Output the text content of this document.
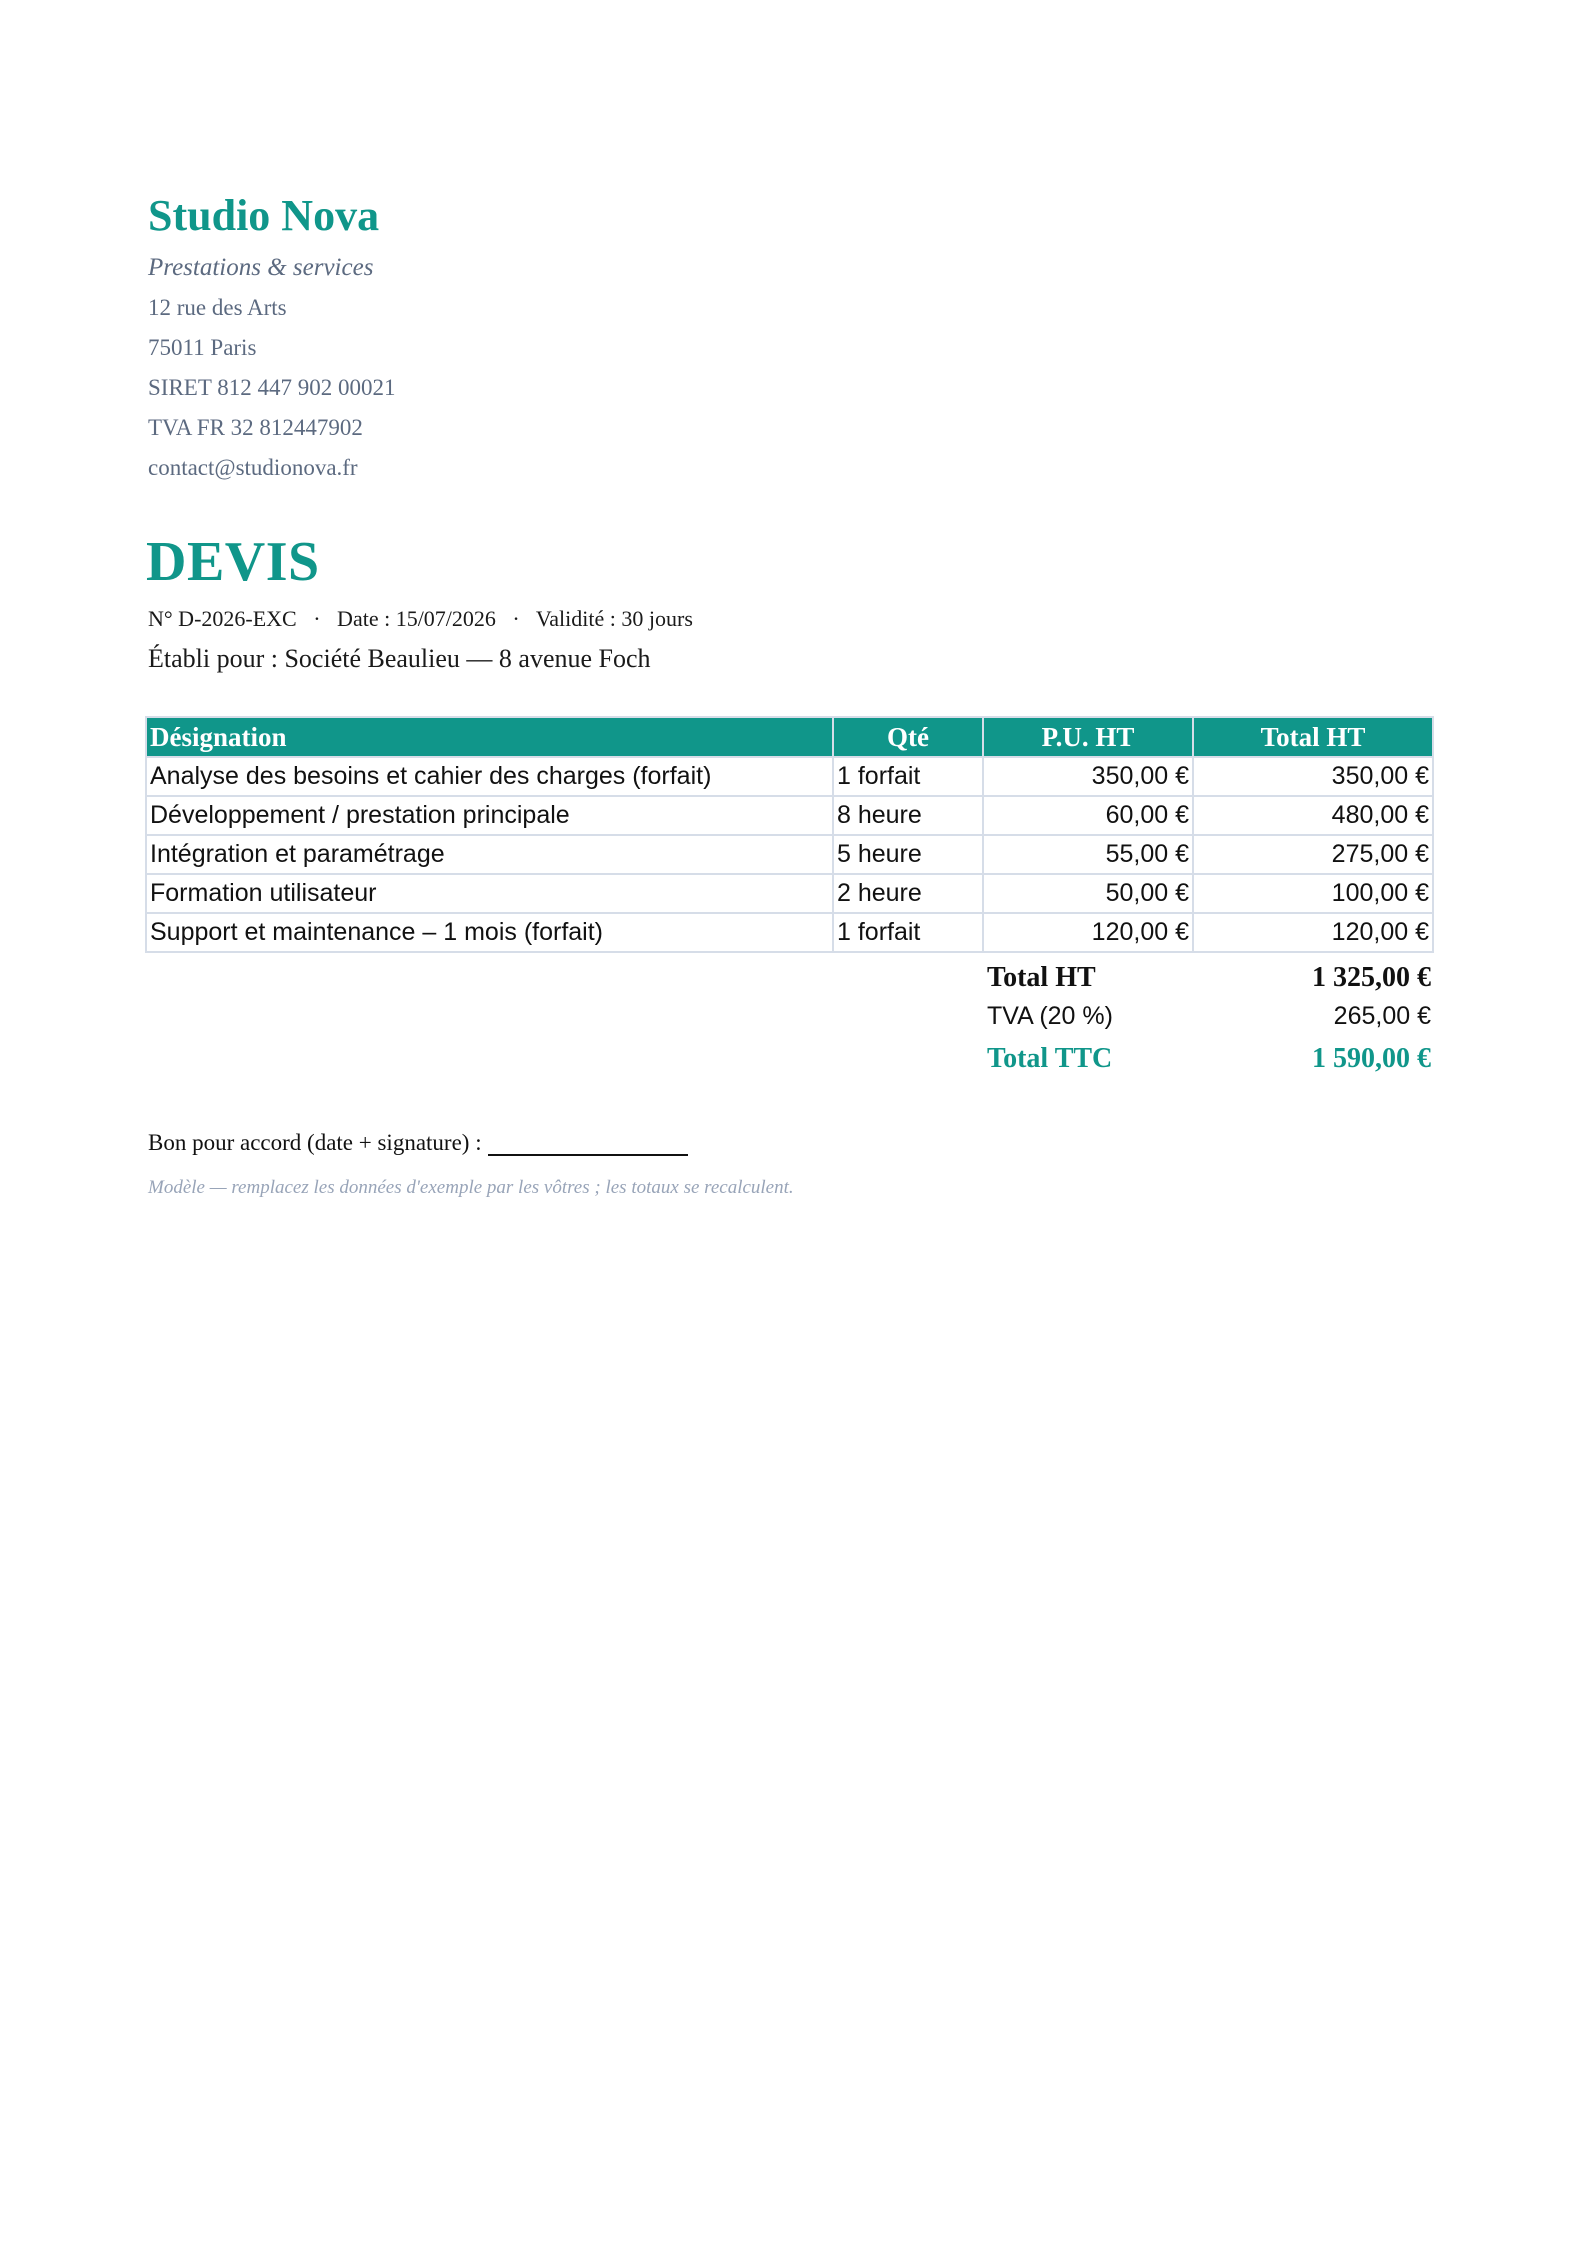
Studio Nova
Prestations & services
12 rue des Arts
75011 Paris
SIRET 812 447 902 00021
TVA FR 32 812447902
contact@studionova.fr
DEVIS
N° D-2026-EXC   ·   Date : 15/07/2026   ·   Validité : 30 jours
Établi pour : Société Beaulieu — 8 avenue Foch
Désignation	Qté	P.U. HT	Total HT
Analyse des besoins et cahier des charges (forfait)	1 forfait	350,00 €	350,00 €
Développement / prestation principale	8 heure	60,00 €	480,00 €
Intégration et paramétrage	5 heure	55,00 €	275,00 €
Formation utilisateur	2 heure	50,00 €	100,00 €
Support et maintenance – 1 mois (forfait)	1 forfait	120,00 €	120,00 €
Total HT	1 325,00 €
TVA (20 %)	265,00 €
Total TTC	1 590,00 €
Bon pour accord (date + signature) :
Modèle — remplacez les données d'exemple par les vôtres ; les totaux se recalculent.
